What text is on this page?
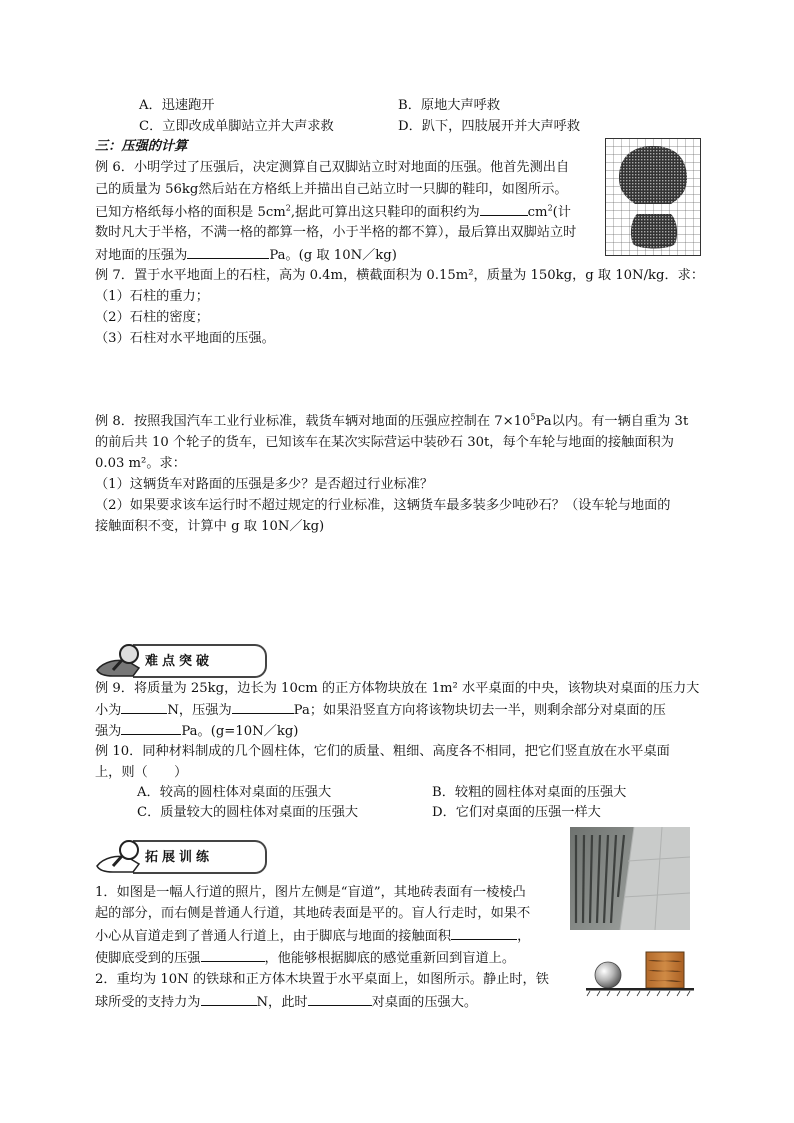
A．迅速跑开	B．原地大声呼救
C．立即改成单脚站立并大声求救	D．趴下，四肢展开并大声呼救
三：压强的计算
例 6．小明学过了压强后，决定测算自己双脚站立时对地面的压强。他首先测出自
己的质量为 56kg然后站在方格纸上并描出自己站立时一只脚的鞋印，如图所示。
已知方格纸每小格的面积是 $5cm^2$,据此可算出这只鞋印的面积约为	$cm^2$(计
数时凡大于半格，不满一格的都算一格，小于半格的都不算），最后算出双脚站立时
对地面的压强为	Pa。(g 取 10N／kg)
例 7．置于水平地面上的石柱，高为 0.4m，横截面积为 0.15m²，质量为 150kg，g 取 10N/kg．求：
（1）石柱的重力；
（2）石柱的密度；
（3）石柱对水平地面的压强。
例 8．按照我国汽车工业行业标准，载货车辆对地面的压强应控制在 $7\times 10^5Pa$以内。有一辆自重为 3t
的前后共 10 个轮子的货车，已知该车在某次实际营运中装砂石 30t，每个车轮与地面的接触面积为
0.03 m²。求：
（1）这辆货车对路面的压强是多少？是否超过行业标准？
（2）如果要求该车运行时不超过规定的行业标准，这辆货车最多装多少吨砂石？（设车轮与地面的
接触面积不变，计算中 g 取 10N／kg)
难点突破
例 9．将质量为 25kg，边长为 10cm 的正方体物块放在 1m² 水平桌面的中央，该物块对桌面的压力大
小为	N，压强为	Pa；如果沿竖直方向将该物块切去一半，则剩余部分对桌面的压
强为	Pa。(g=10N／kg)
例 10．同种材料制成的几个圆柱体，它们的质量、粗细、高度各不相同，把它们竖直放在水平桌面
上，则（　　）
A．较高的圆柱体对桌面的压强大	B．较粗的圆柱体对桌面的压强大
C．质量较大的圆柱体对桌面的压强大	D．它们对桌面的压强一样大
拓展训练
1．如图是一幅人行道的照片，图片左侧是“盲道”，其地砖表面有一棱棱凸
起的部分，而右侧是普通人行道，其地砖表面是平的。盲人行走时，如果不
小心从盲道走到了普通人行道上，由于脚底与地面的接触面积	，
使脚底受到的压强	，他能够根据脚底的感觉重新回到盲道上。
2．重均为 10N 的铁球和正方体木块置于水平桌面上，如图所示。静止时，铁
球所受的支持力为	N，此时	对桌面的压强大。
